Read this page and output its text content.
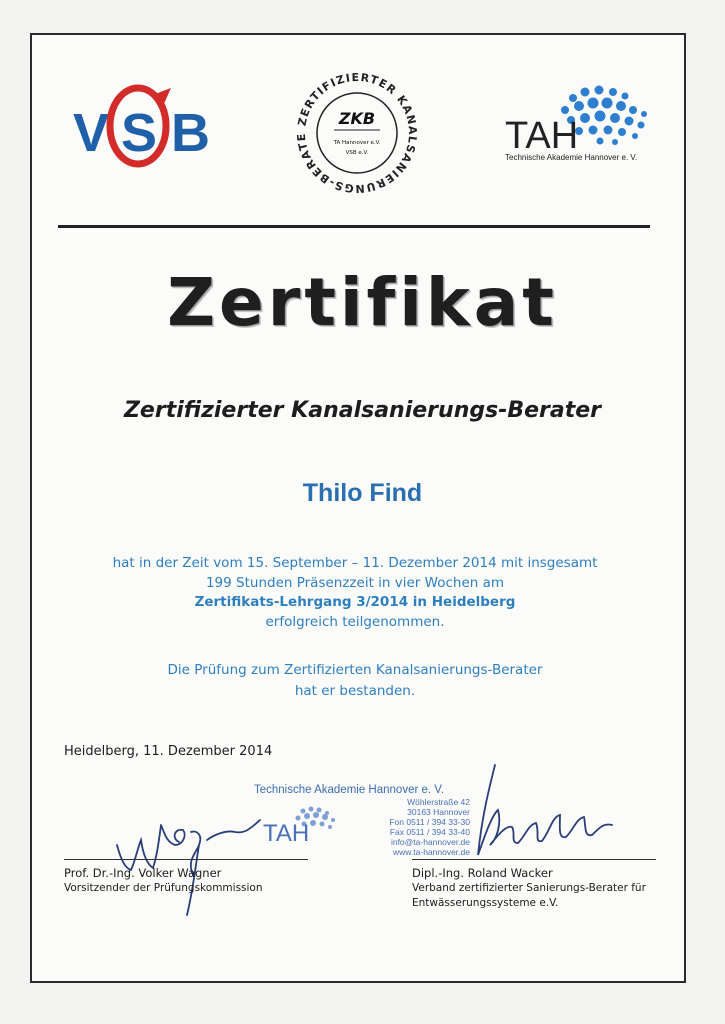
V S B	ZERTIFIZIERTER KANALSANIERUNGS-BERATE
ZKB
TA Hannover e.V.
VSB e.V.	TAH
Technische Akademie Hannover e. V.
Zertifikat
Zertifizierter Kanalsanierungs-Berater
Thilo Find
hat in der Zeit vom 15. September – 11. Dezember 2014 mit insgesamt
199 Stunden Präsenzzeit in vier Wochen am
Zertifikats-Lehrgang 3/2014 in Heidelberg
erfolgreich teilgenommen.
Die Prüfung zum Zertifizierten Kanalsanierungs-Berater
hat er bestanden.
Heidelberg, 11. Dezember 2014
Technische Akademie Hannover e. V.
TAH
Wöhlerstraße 42
30163 Hannover
Fon 0511 / 394 33-30
Fax 0511 / 394 33-40
info@ta-hannover.de
www.ta-hannover.de
Prof. Dr.-Ing. Volker Wagner
Vorsitzender der Prüfungskommission
Dipl.-Ing. Roland Wacker
Verband zertifizierter Sanierungs-Berater für
Entwässerungssysteme e.V.
